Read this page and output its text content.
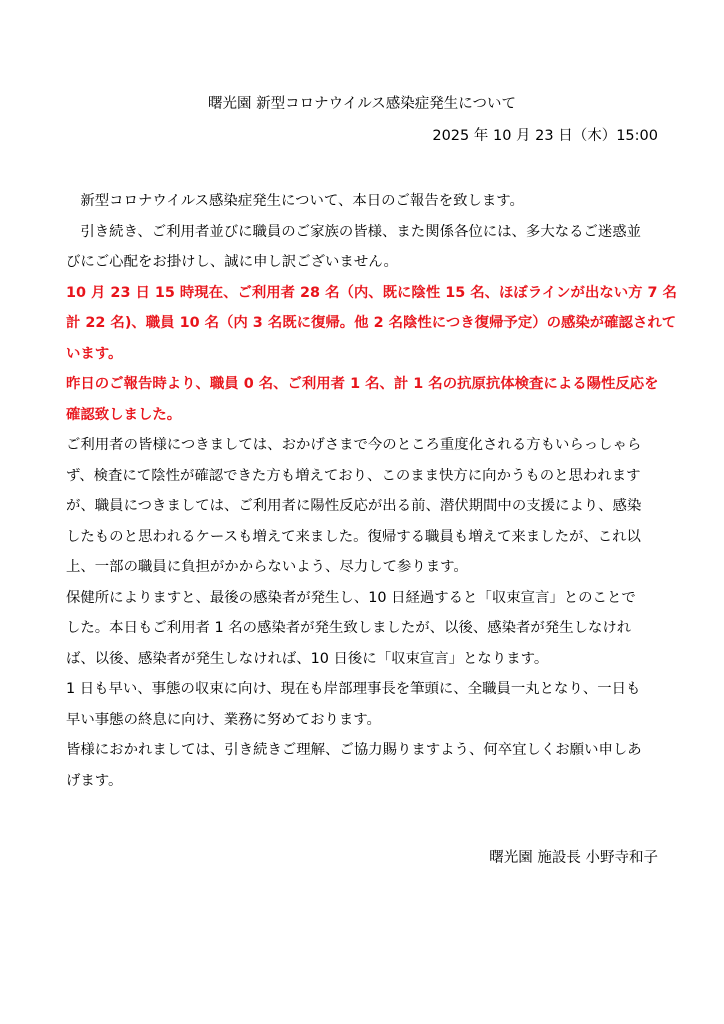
曙光園 新型コロナウイルス感染症発生について
2025 年 10 月 23 日（木）15:00
　新型コロナウイルス感染症発生について、本日のご報告を致します。
　引き続き、ご利用者並びに職員のご家族の皆様、また関係各位には、多大なるご迷惑並
びにご心配をお掛けし、誠に申し訳ございません。
10 月 23 日 15 時現在、ご利用者 28 名（内、既に陰性 15 名、ほぼラインが出ない方 7 名
計 22 名)、職員 10 名（内 3 名既に復帰。他 2 名陰性につき復帰予定）の感染が確認されて
います。
昨日のご報告時より、職員 0 名、ご利用者 1 名、計 1 名の抗原抗体検査による陽性反応を
確認致しました。
ご利用者の皆様につきましては、おかげさまで今のところ重度化される方もいらっしゃら
ず、検査にて陰性が確認できた方も増えており、このまま快方に向かうものと思われます
が、職員につきましては、ご利用者に陽性反応が出る前、潜伏期間中の支援により、感染
したものと思われるケースも増えて来ました。復帰する職員も増えて来ましたが、これ以
上、一部の職員に負担がかからないよう、尽力して参ります。
保健所によりますと、最後の感染者が発生し、10 日経過すると「収束宣言」とのことで
した。本日もご利用者 1 名の感染者が発生致しましたが、以後、感染者が発生しなけれ
ば、以後、感染者が発生しなければ、10 日後に「収束宣言」となります。
1 日も早い、事態の収束に向け、現在も岸部理事長を筆頭に、全職員一丸となり、一日も
早い事態の終息に向け、業務に努めております。
皆様におかれましては、引き続きご理解、ご協力賜りますよう、何卒宜しくお願い申しあ
げます。
曙光園 施設長 小野寺和子
